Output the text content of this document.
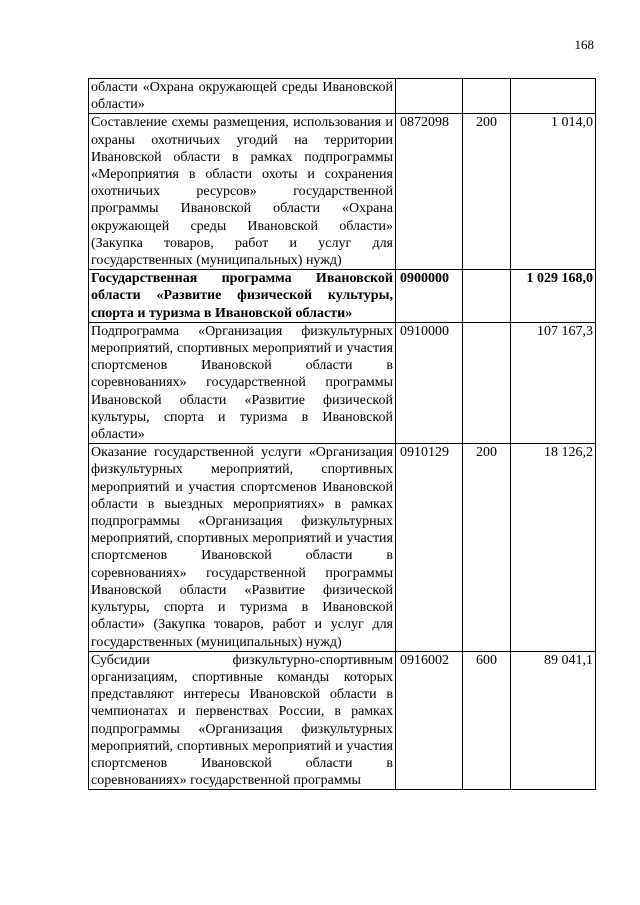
168
области «Охрана окружающей среды Ивановской области»			
Составление схемы размещения, использования и охраны охотничьих угодий на территории Ивановской области в рамках подпрограммы «Мероприятия в области охоты и сохранения охотничьих ресурсов» государственной программы Ивановской области «Охрана окружающей среды Ивановской области» (Закупка товаров, работ и услуг для государственных (муниципальных) нужд)	0872098	200	1 014,0
Государственная программа Ивановской области «Развитие физической культуры, спорта и туризма в Ивановской области»	0900000		1 029 168,0
Подпрограмма «Организация физкультурных мероприятий, спортивных мероприятий и участия спортсменов Ивановской области в соревнованиях» государственной программы Ивановской области «Развитие физической культуры, спорта и туризма в Ивановской области»	0910000		107 167,3
Оказание государственной услуги «Организация физкультурных мероприятий, спортивных мероприятий и участия спортсменов Ивановской области в выездных мероприятиях» в рамках подпрограммы «Организация физкультурных мероприятий, спортивных мероприятий и участия спортсменов Ивановской области в соревнованиях» государственной программы Ивановской области «Развитие физической культуры, спорта и туризма в Ивановской области» (Закупка товаров, работ и услуг для государственных (муниципальных) нужд)	0910129	200	18 126,2
Субсидии физкультурно-спортивным организациям, спортивные команды которых представляют интересы Ивановской области в чемпионатах и первенствах России, в рамках подпрограммы «Организация физкультурных мероприятий, спортивных мероприятий и участия спортсменов Ивановской области в соревнованиях» государственной программы	0916002	600	89 041,1
